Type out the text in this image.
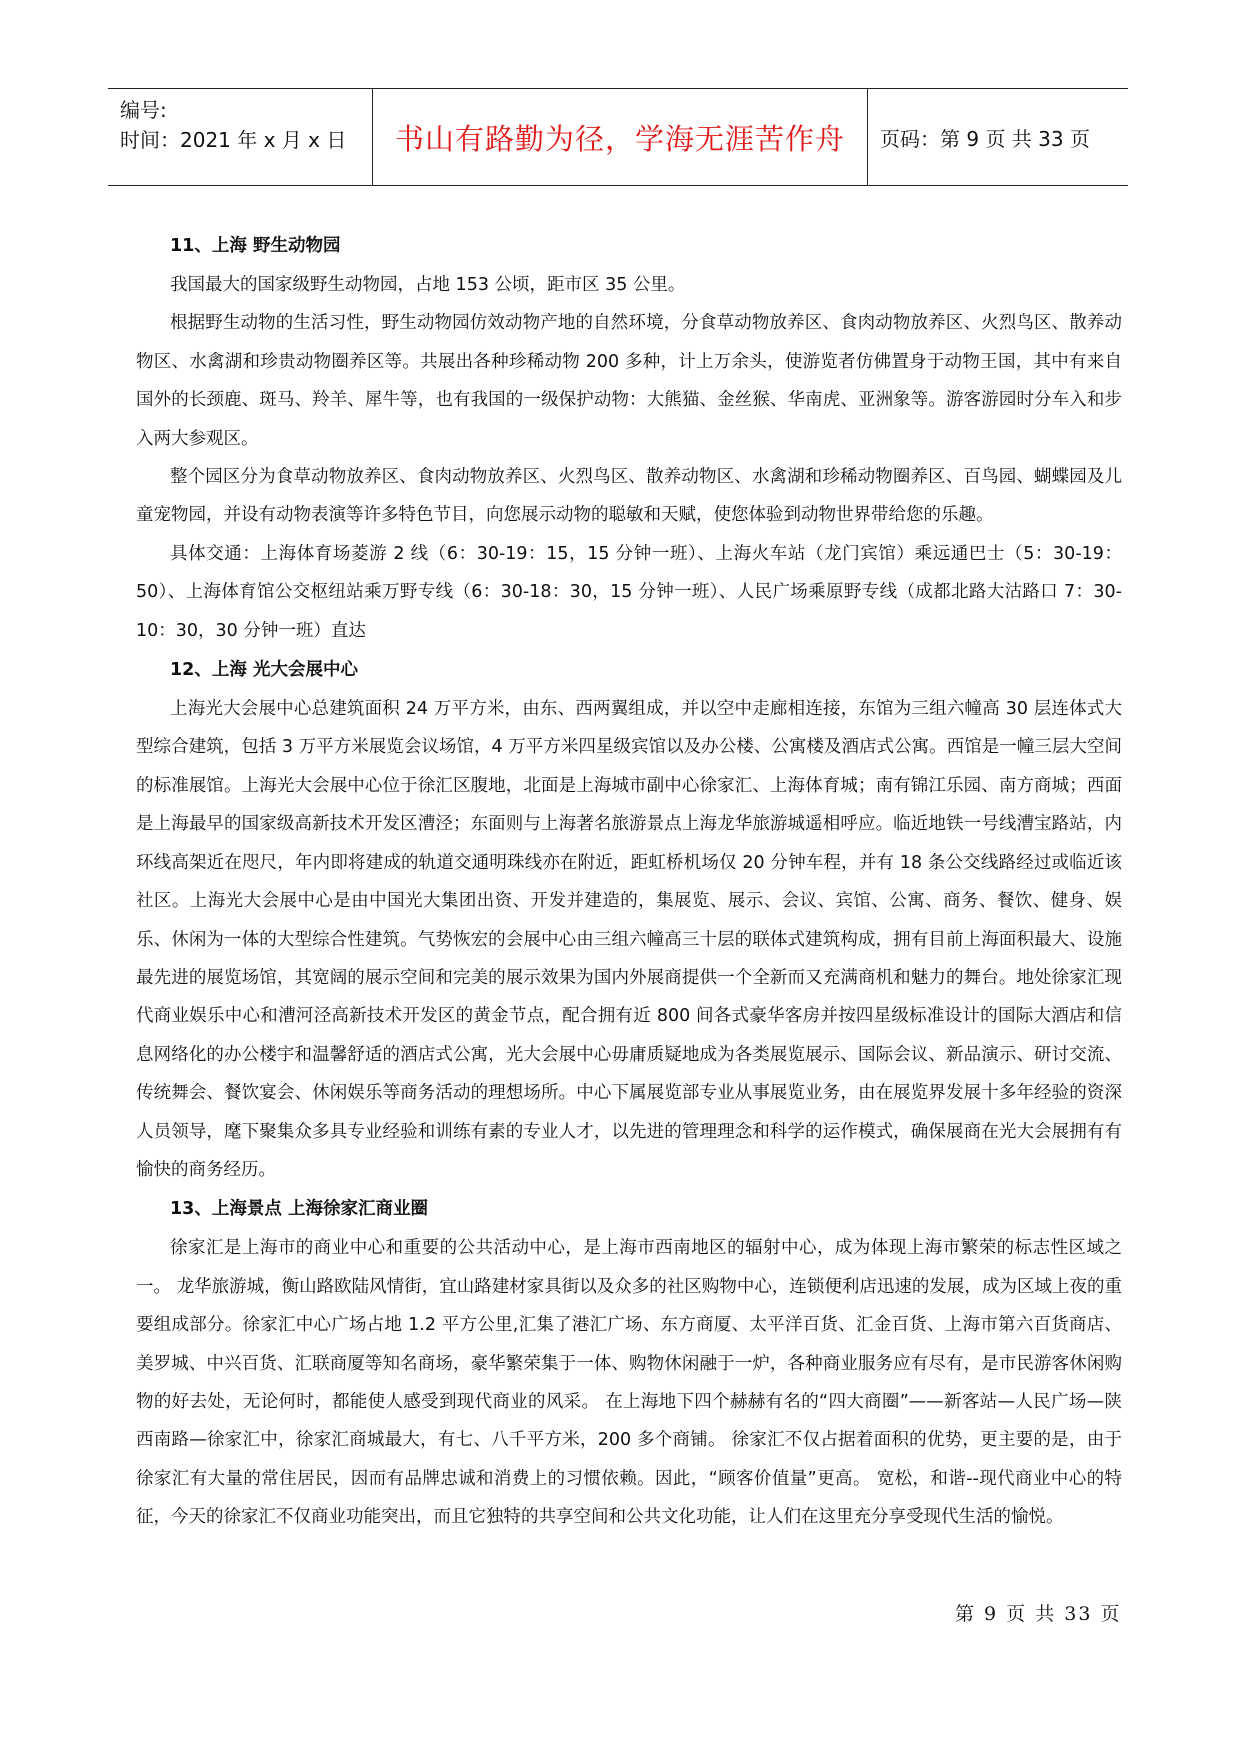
编号:
时间：2021 年 x 月 x 日	书山有路勤为径，学海无涯苦作舟 页码：第 9 页 共 33 页

11、上海 野生动物园

我国最大的国家级野生动物园，占地 153 公顷，距市区 35 公里。

根据野生动物的生活习性，野生动物园仿效动物产地的自然环境，分食草动物放养区、食肉动物放养区、火烈鸟区、散养动物区、水禽湖和珍贵动物圈养区等。共展出各种珍稀动物 200 多种，计上万余头，使游览者仿佛置身于动物王国，其中有来自国外的长颈鹿、斑马、羚羊、犀牛等，也有我国的一级保护动物：大熊猫、金丝猴、华南虎、亚洲象等。游客游园时分车入和步入两大参观区。

整个园区分为食草动物放养区、食肉动物放养区、火烈鸟区、散养动物区、水禽湖和珍稀动物圈养区、百鸟园、蝴蝶园及儿童宠物园，并设有动物表演等许多特色节目，向您展示动物的聪敏和天赋，使您体验到动物世界带给您的乐趣。

具体交通：上海体育场菱游 2 线（6：30-19：15，15 分钟一班）、上海火车站（龙门宾馆）乘远通巴士（5：30-19：50）、上海体育馆公交枢纽站乘万野专线（6：30-18：30，15 分钟一班）、人民广场乘原野专线（成都北路大沽路口 7：30-10：30，30 分钟一班）直达

12、上海 光大会展中心

上海光大会展中心总建筑面积 24 万平方米，由东、西两翼组成，并以空中走廊相连接，东馆为三组六幢高 30 层连体式大型综合建筑，包括 3 万平方米展览会议场馆，4 万平方米四星级宾馆以及办公楼、公寓楼及酒店式公寓。西馆是一幢三层大空间的标准展馆。上海光大会展中心位于徐汇区腹地，北面是上海城市副中心徐家汇、上海体育城；南有锦江乐园、南方商城；西面是上海最早的国家级高新技术开发区漕泾；东面则与上海著名旅游景点上海龙华旅游城遥相呼应。临近地铁一号线漕宝路站，内环线高架近在咫尺，年内即将建成的轨道交通明珠线亦在附近，距虹桥机场仅 20 分钟车程，并有 18 条公交线路经过或临近该社区。上海光大会展中心是由中国光大集团出资、开发并建造的，集展览、展示、会议、宾馆、公寓、商务、餐饮、健身、娱乐、休闲为一体的大型综合性建筑。气势恢宏的会展中心由三组六幢高三十层的联体式建筑构成，拥有目前上海面积最大、设施最先进的展览场馆，其宽阔的展示空间和完美的展示效果为国内外展商提供一个全新而又充满商机和魅力的舞台。地处徐家汇现代商业娱乐中心和漕河泾高新技术开发区的黄金节点，配合拥有近 800 间各式豪华客房并按四星级标准设计的国际大酒店和信息网络化的办公楼宇和温馨舒适的酒店式公寓，光大会展中心毋庸质疑地成为各类展览展示、国际会议、新品演示、研讨交流、传统舞会、餐饮宴会、休闲娱乐等商务活动的理想场所。中心下属展览部专业从事展览业务，由在展览界发展十多年经验的资深人员领导，麾下聚集众多具专业经验和训练有素的专业人才，以先进的管理理念和科学的运作模式，确保展商在光大会展拥有有愉快的商务经历。

13、上海景点 上海徐家汇商业圈

徐家汇是上海市的商业中心和重要的公共活动中心，是上海市西南地区的辐射中心，成为体现上海市繁荣的标志性区域之一。 龙华旅游城，衡山路欧陆风情街，宜山路建材家具街以及众多的社区购物中心，连锁便利店迅速的发展，成为区域上夜的重要组成部分。徐家汇中心广场占地 1.2 平方公里,汇集了港汇广场、东方商厦、太平洋百货、汇金百货、上海市第六百货商店、美罗城、中兴百货、汇联商厦等知名商场，豪华繁荣集于一体、购物休闲融于一炉，各种商业服务应有尽有，是市民游客休闲购物的好去处，无论何时，都能使人感受到现代商业的风采。 在上海地下四个赫赫有名的“四大商圈”——新客站—人民广场—陕西南路—徐家汇中，徐家汇商城最大，有七、八千平方米，200 多个商铺。 徐家汇不仅占据着面积的优势，更主要的是，由于徐家汇有大量的常住居民，因而有品牌忠诚和消费上的习惯依赖。因此，“顾客价值量”更高。 宽松，和谐--现代商业中心的特征，今天的徐家汇不仅商业功能突出，而且它独特的共享空间和公共文化功能，让人们在这里充分享受现代生活的愉悦。

第 9 页 共 33 页
